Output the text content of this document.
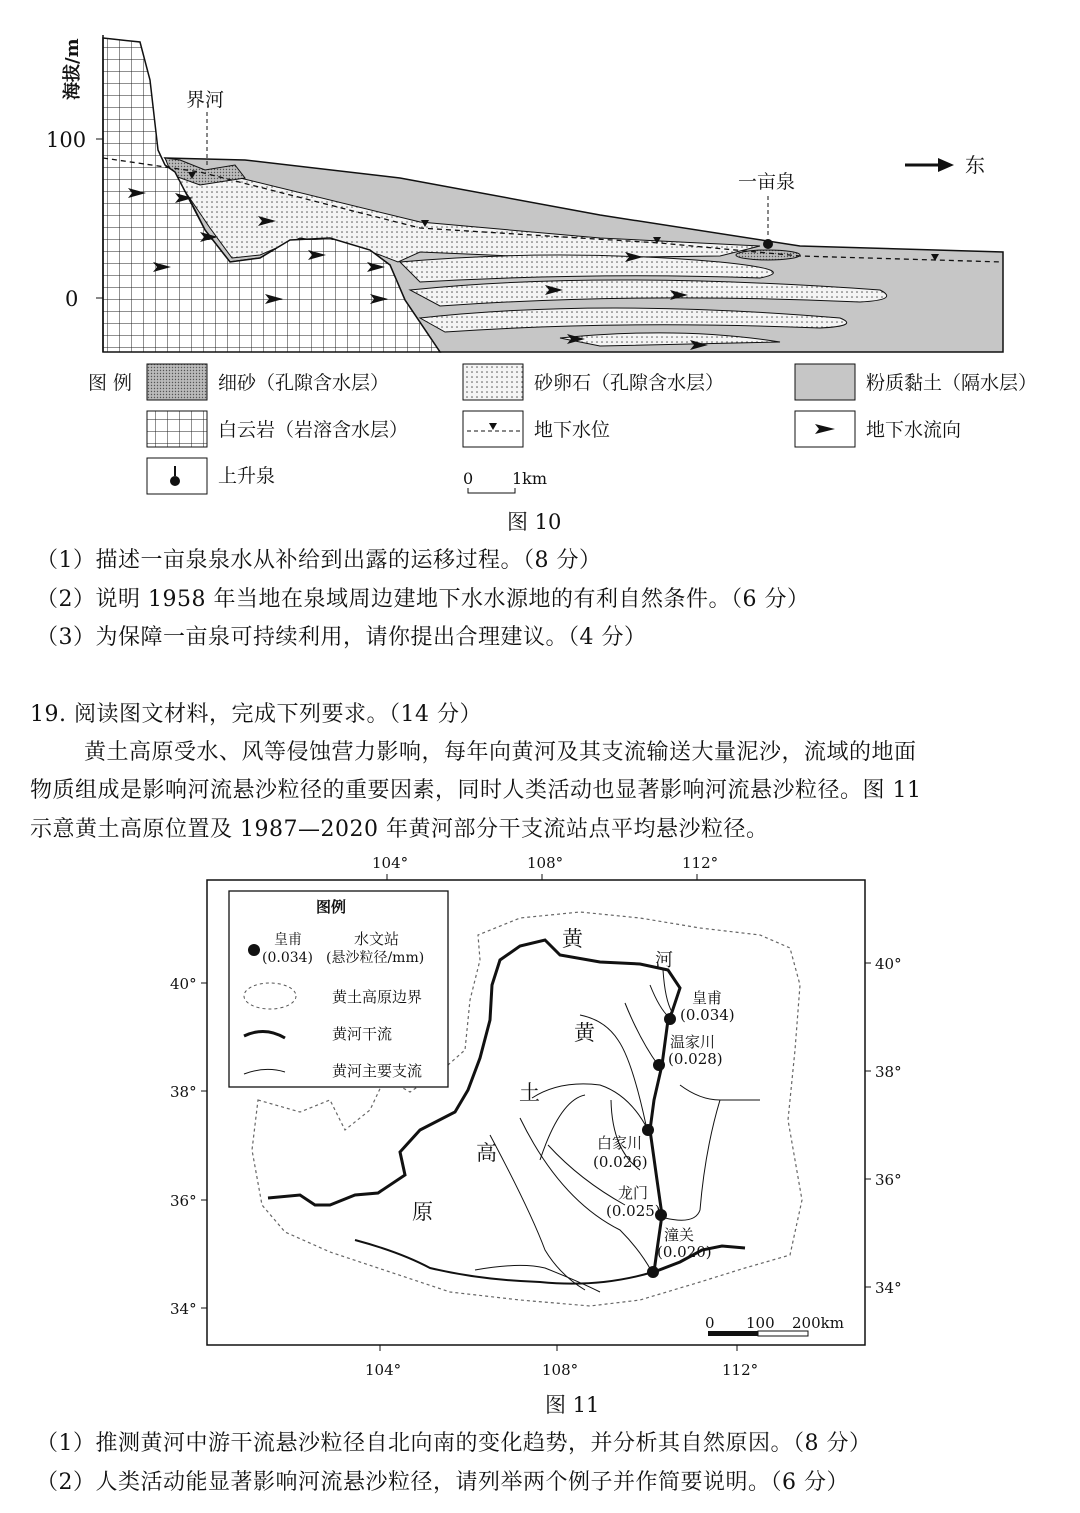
海拔/m
100
0
界河
一亩泉
东
图 例	细砂（孔隙含水层）	砂卵石（孔隙含水层）	粉质黏土（隔水层）
白云岩（岩溶含水层）	地下水位	地下水流向
上升泉	0 1km
图 10
（1）描述一亩泉泉水从补给到出露的运移过程。（8 分）
（2）说明 1958 年当地在泉域周边建地下水水源地的有利自然条件。（6 分）
（3）为保障一亩泉可持续利用，请你提出合理建议。（4 分）
19. 阅读图文材料，完成下列要求。（14 分）
黄土高原受水、风等侵蚀营力影响，每年向黄河及其支流输送大量泥沙，流域的地面
物质组成是影响河流悬沙粒径的重要因素，同时人类活动也显著影响河流悬沙粒径。图 11
示意黄土高原位置及 1987—2020 年黄河部分干支流站点平均悬沙粒径。
104°	108°	112°
104°	108°	112°
40°
38°
36°
34°
40°
38°
36°
34°
皇甫
(0.034)
温家川
(0.028)
白家川
(0.026)
龙门
(0.025)
潼关
(0.020)
黄
河
黄
土
高
原
图例
皇甫
(0.034)
水文站
(悬沙粒径/mm)
黄土高原边界
黄河干流
黄河主要支流
0 100 200km
图 11
（1）推测黄河中游干流悬沙粒径自北向南的变化趋势，并分析其自然原因。（8 分）
（2）人类活动能显著影响河流悬沙粒径，请列举两个例子并作简要说明。（6 分）
